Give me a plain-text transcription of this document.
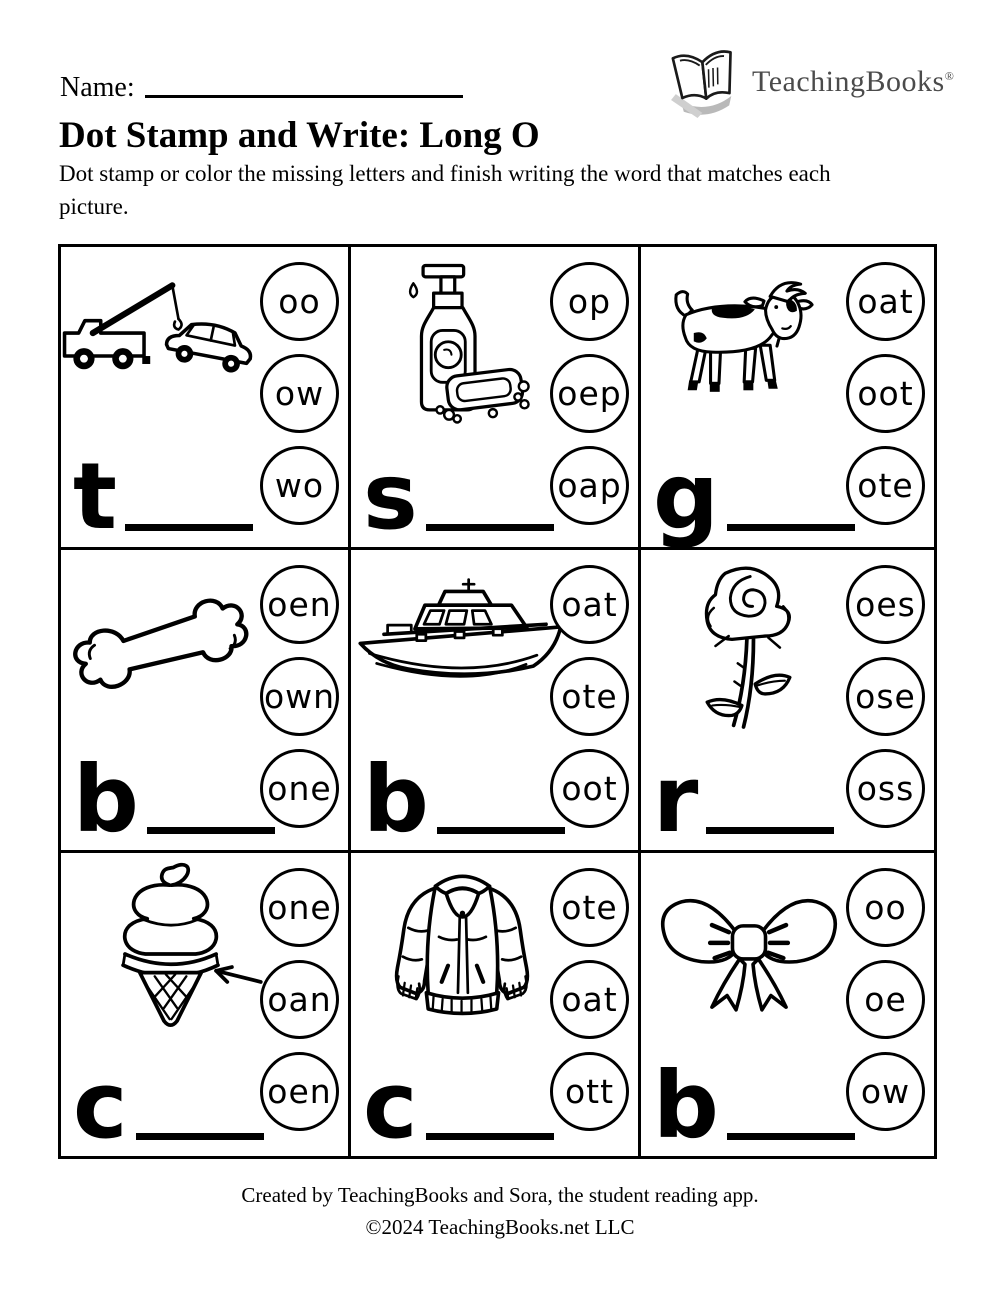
Name:	TeachingBooks®
Dot Stamp and Write: Long O
Dot stamp or color the missing letters and finish writing the word that matches each
picture.
oo
ow
wo
t
op
oep
oap
s
oat
oot
ote
g
oen
own
one
b
oat
ote
oot
b
oes
ose
oss
r
one
oan
oen
c
ote
oat
ott
c
oo
oe
ow
b
Created by TeachingBooks and Sora, the student reading app.
©2024 TeachingBooks.net LLC
